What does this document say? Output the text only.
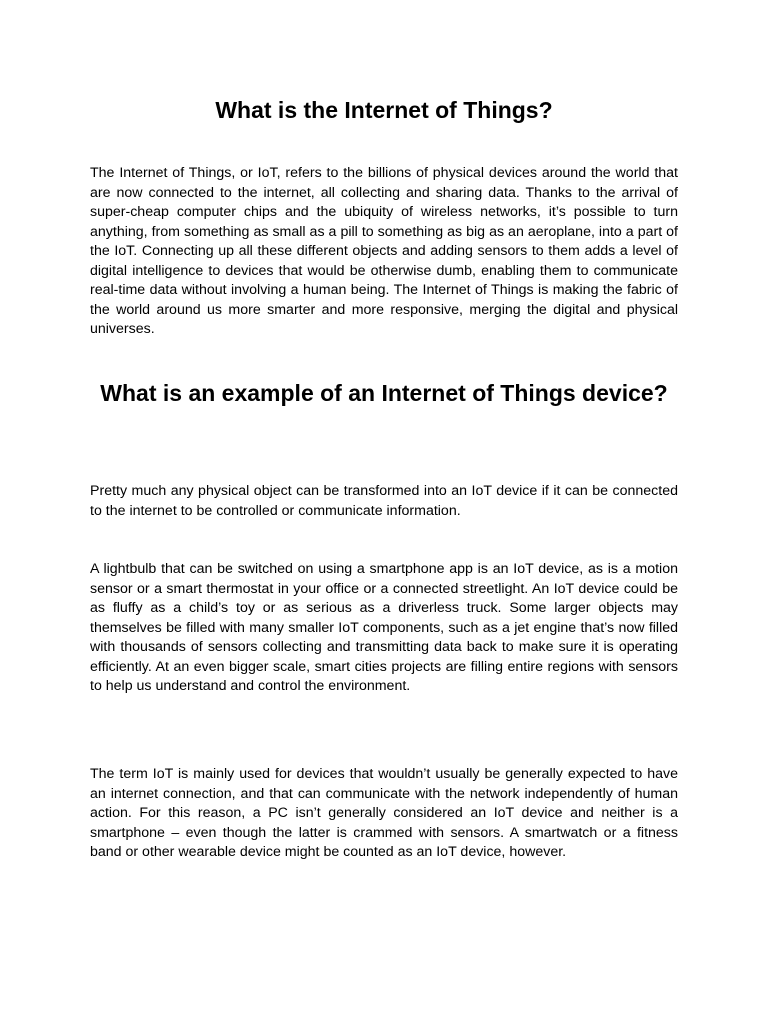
What is the Internet of Things?

The Internet of Things, or IoT, refers to the billions of physical devices around the world that are now connected to the internet, all collecting and sharing data. Thanks to the arrival of super-cheap computer chips and the ubiquity of wireless networks, it’s possible to turn anything, from something as small as a pill to something as big as an aeroplane, into a part of the IoT. Connecting up all these different objects and adding sensors to them adds a level of digital intelligence to devices that would be otherwise dumb, enabling them to communicate real-time data without involving a human being. The Internet of Things is making the fabric of the world around us more smarter and more responsive, merging the digital and physical universes.

What is an example of an Internet of Things device?

Pretty much any physical object can be transformed into an IoT device if it can be connected to the internet to be controlled or communicate information.

A lightbulb that can be switched on using a smartphone app is an IoT device, as is a motion sensor or a smart thermostat in your office or a connected streetlight. An IoT device could be as fluffy as a child’s toy or as serious as a driverless truck. Some larger objects may themselves be filled with many smaller IoT components, such as a jet engine that’s now filled with thousands of sensors collecting and transmitting data back to make sure it is operating efficiently. At an even bigger scale, smart cities projects are filling entire regions with sensors to help us understand and control the environment.

The term IoT is mainly used for devices that wouldn’t usually be generally expected to have an internet connection, and that can communicate with the network independently of human action. For this reason, a PC isn’t generally considered an IoT device and neither is a smartphone – even though the latter is crammed with sensors. A smartwatch or a fitness band or other wearable device might be counted as an IoT device, however.
